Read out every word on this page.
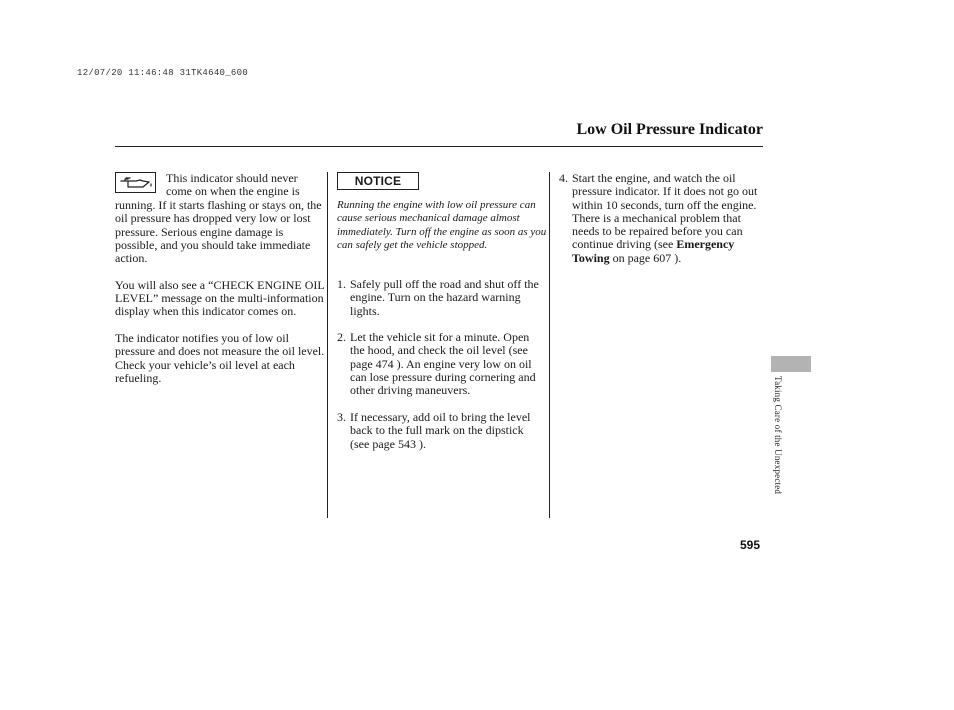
12/07/20 11:46:48 31TK4640_600
Low Oil Pressure Indicator
This indicator should never
come on when the engine is

running. If it starts flashing or stays on, the oil pressure has dropped very low or lost pressure. Serious engine damage is possible, and you should take immediate action.

You will also see a “CHECK ENGINE OIL LEVEL” message on the multi-information display when this indicator comes on.

The indicator notifies you of low oil pressure and does not measure the oil level. Check your vehicle’s oil level at each refueling.

NOTICE
Running the engine with low oil pressure can cause serious mechanical damage almost immediately. Turn off the engine as soon as you can safely get the vehicle stopped.
1. Safely pull off the road and shut off the engine. Turn on the hazard warning lights.
2. Let the vehicle sit for a minute. Open the hood, and check the oil level (see page 474 ). An engine very low on oil can lose pressure during cornering and other driving maneuvers.
3. If necessary, add oil to bring the level back to the full mark on the dipstick (see page 543 ).
4. Start the engine, and watch the oil pressure indicator. If it does not go out within 10 seconds, turn off the engine. There is a mechanical problem that needs to be repaired before you can continue driving (see Emergency Towing on page 607 ).
Taking Care of the Unexpected
595
